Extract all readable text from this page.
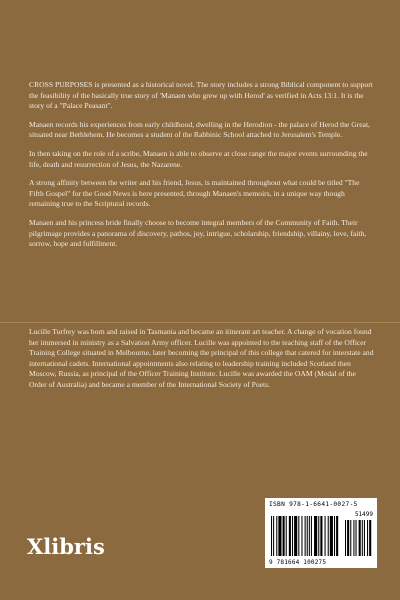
CROSS PURPOSES is presented as a historical novel. The story includes a strong Biblical component to support the feasibility of the basically true story of 'Manaen who grew up with Herod' as verified in Acts 13:1. It is the story of a "Palace Peasant".

Manaen records his experiences from early childhood, dwelling in the Herodion - the palace of Herod the Great, situated near Bethlehem. He becomes a student of the Rabbinic School attached to Jerusalem's Temple.

In then taking on the role of a scribe, Manaen is able to observe at close range the major events surrounding the life, death and resurrection of Jesus, the Nazarene.

A strong affinity between the writer and his friend, Jesus, is maintained throughout what could be titled "The Fifth Gospel" for the Good News is here presented, through Manaen's memoirs, in a unique way though remaining true to the Scriptural records.

Manaen and his princess bride finally choose to become integral members of the Community of Faith. Their pilgrimage provides a panorama of discovery, pathos, joy, intrigue, scholarship, friendship, villainy, love, faith, sorrow, hope and fulfillment.

Lucille Turfrey was born and raised in Tasmania and became an itinerant art teacher. A change of vocation found her immersed in ministry as a Salvation Army officer. Lucille was appointed to the teaching staff of the Officer Training College situated in Melbourne, later becoming the principal of this college that catered for interstate and international cadets. International appointments also relating to leadership training included Scotland then Moscow, Russia, as principal of the Officer Training Institute. Lucille was awarded the OAM (Medal of the Order of Australia) and became a member of the International Society of Poets.

ISBN 978-1-6641-0027-5
51499
9 781664 100275
Xlibris
